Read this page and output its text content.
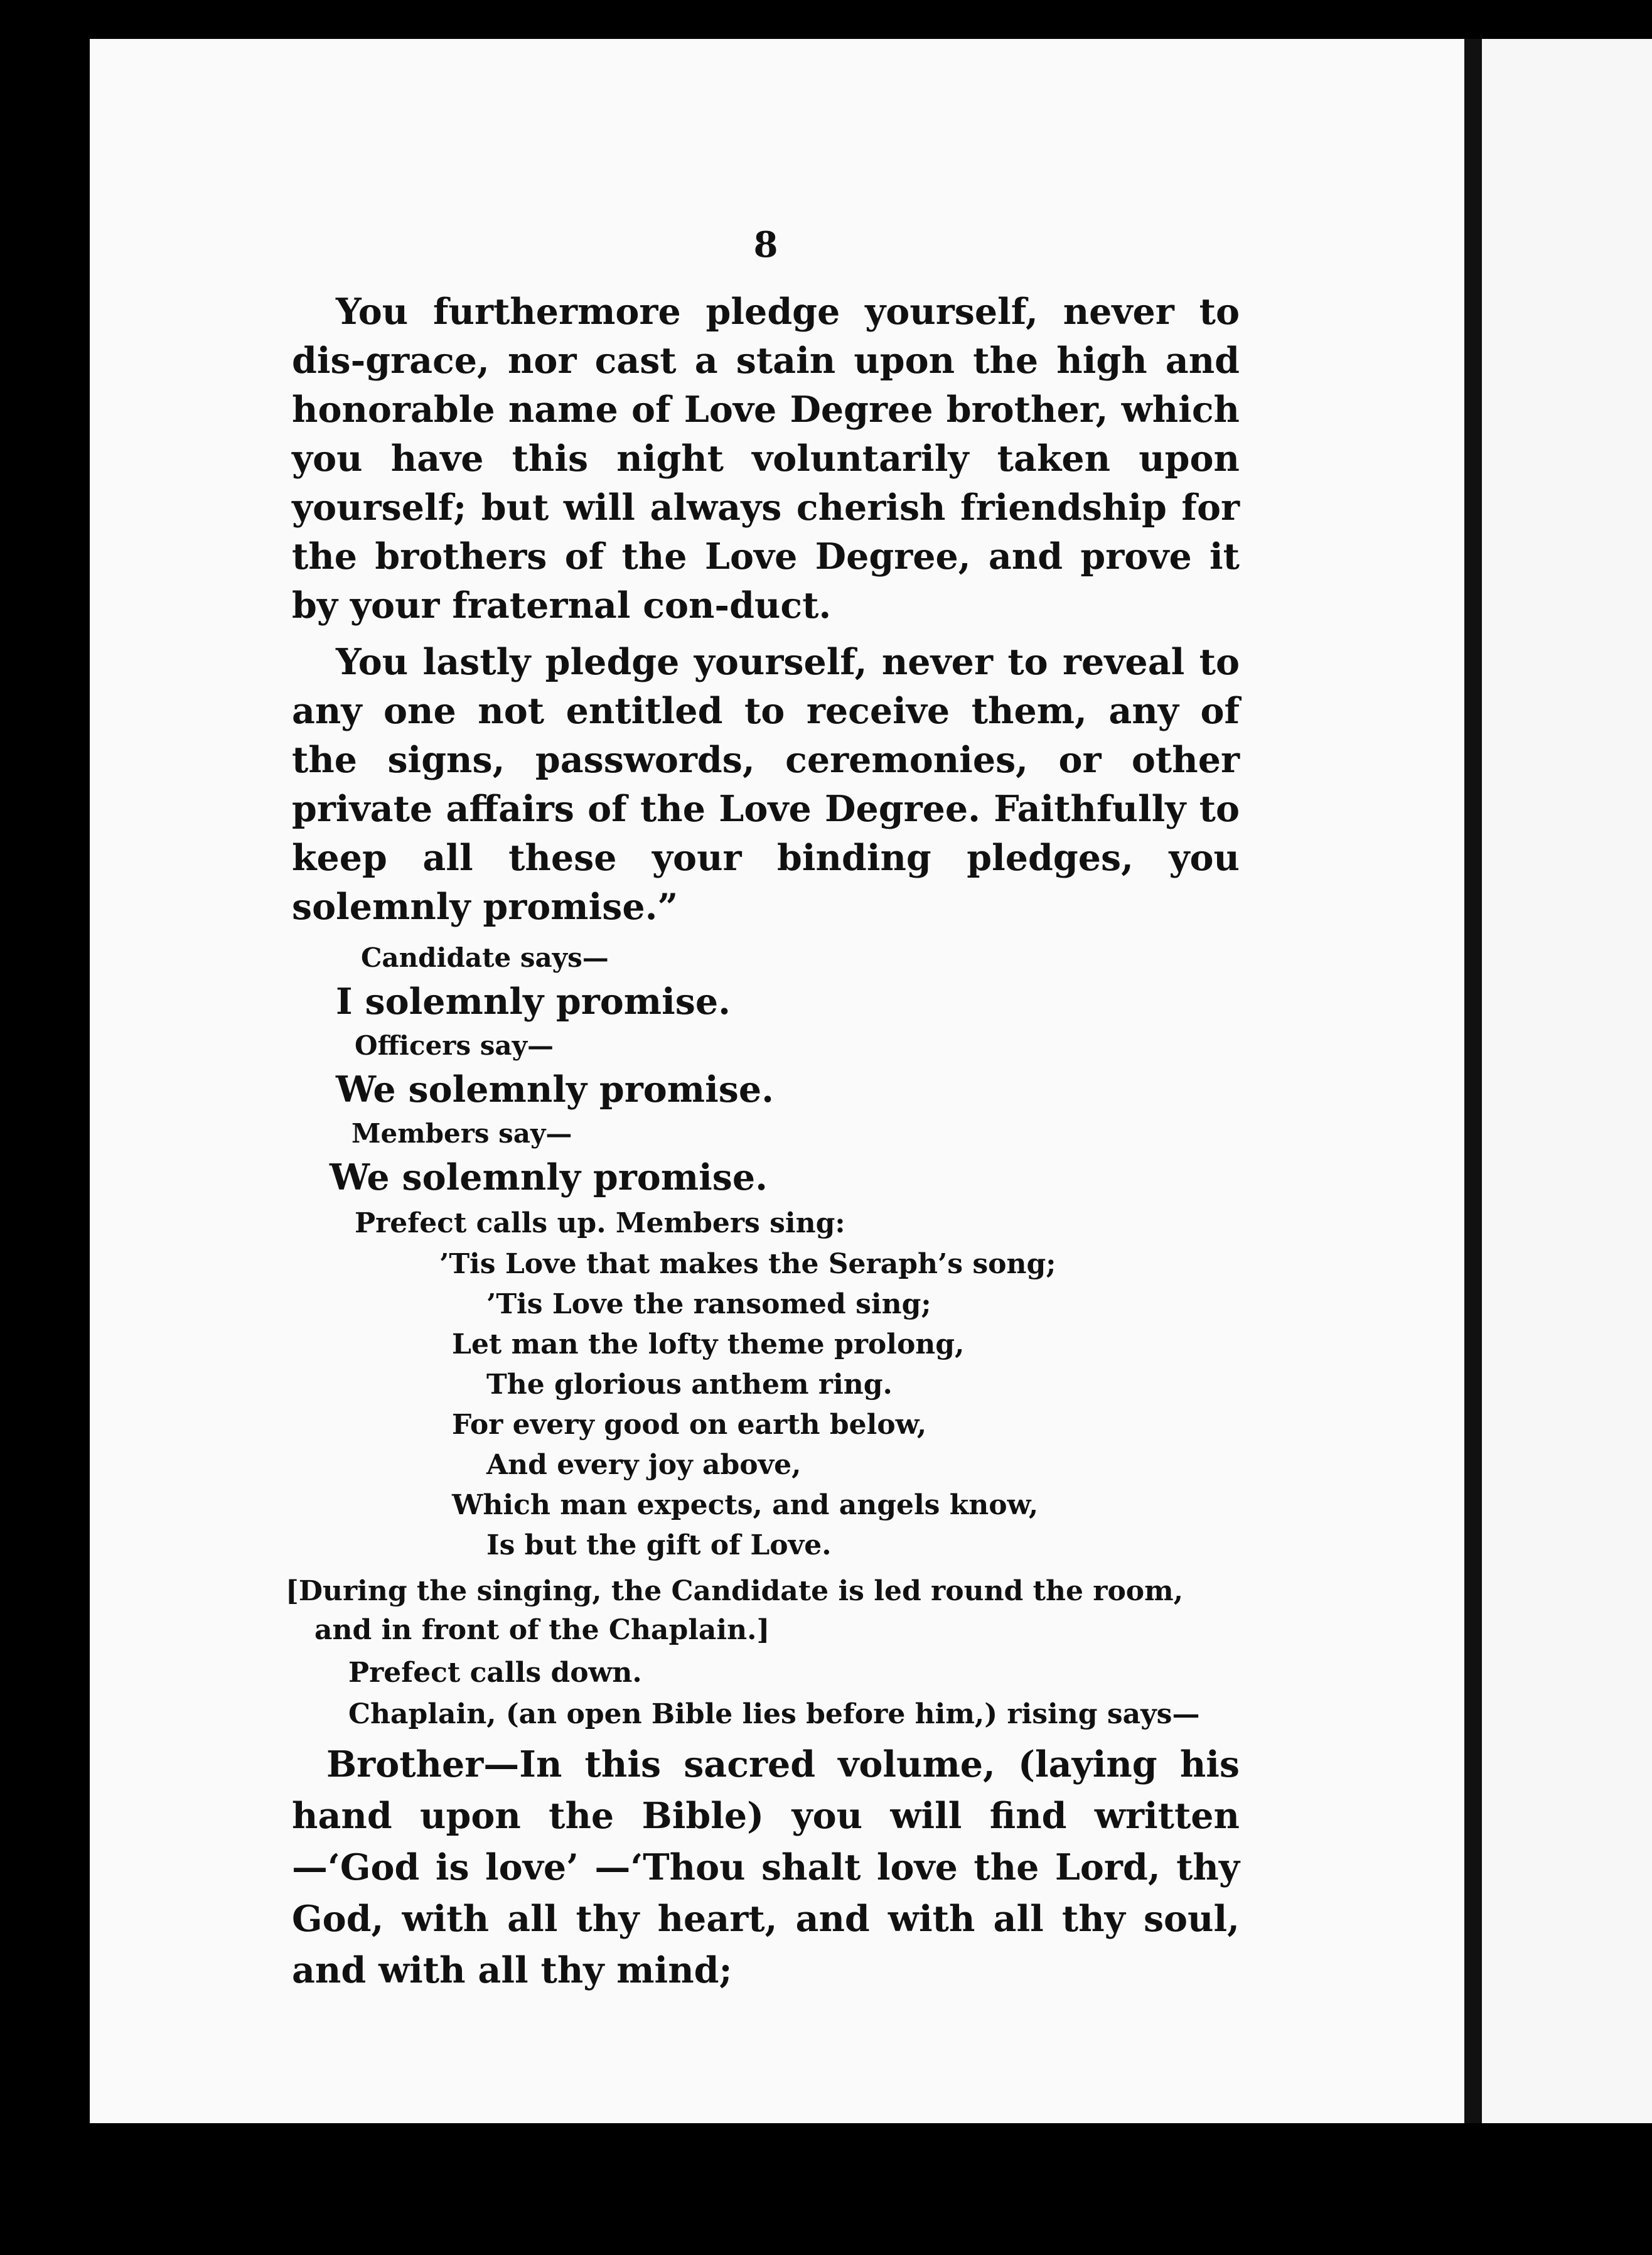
8

You furthermore pledge yourself, never to dis-grace, nor cast a stain upon the high and honorable name of Love Degree brother, which you have this night voluntarily taken upon yourself; but will always cherish friendship for the brothers of the Love Degree, and prove it by your fraternal con-duct.

You lastly pledge yourself, never to reveal to any one not entitled to receive them, any of the signs, passwords, ceremonies, or other private affairs of the Love Degree. Faithfully to keep all these your binding pledges, you solemnly promise.”

Candidate says—
I solemnly promise.
Officers say—
We solemnly promise.
Members say—
We solemnly promise.
Prefect calls up. Members sing:
’Tis Love that makes the Seraph’s song;
’Tis Love the ransomed sing;
Let man the lofty theme prolong,
The glorious anthem ring.
For every good on earth below,
And every joy above,
Which man expects, and angels know,
Is but the gift of Love.

[During the singing, the Candidate is led round the room, and in front of the Chaplain.]

Prefect calls down.
Chaplain, (an open Bible lies before him,) rising says—

Brother—In this sacred volume, (laying his hand upon the Bible) you will find written—‘God is love’ —‘Thou shalt love the Lord, thy God, with all thy heart, and with all thy soul, and with all thy mind;
